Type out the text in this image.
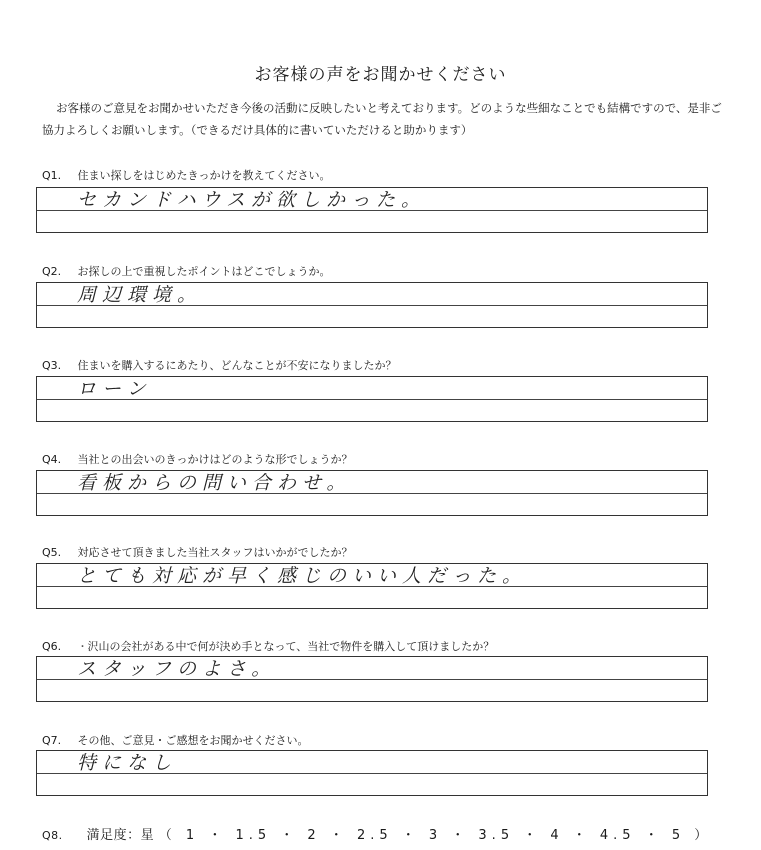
お客様の声をお聞かせください
お客様のご意見をお聞かせいただき今後の活動に反映したいと考えております。どのような些細なことでも結構ですので、是非ご協力よろしくお願いします。（できるだけ具体的に書いていただけると助かります）
Q1. 住まい探しをはじめたきっかけを教えてください。
セカンドハウスが欲しかった。
Q2. お探しの上で重視したポイントはどこでしょうか。
周辺環境。
Q3. 住まいを購入するにあたり、どんなことが不安になりましたか？
ローン
Q4. 当社との出会いのきっかけはどのような形でしょうか？
看板からの問い合わせ。
Q5. 対応させて頂きました当社スタッフはいかがでしたか？
とても対応が早く感じのいい人だった。
Q6. ・沢山の会社がある中で何が決め手となって、当社で物件を購入して頂けましたか？
スタッフのよさ。
Q7. その他、ご意見・ご感想をお聞かせください。
特になし
Q8. 満足度：星 （ 1 ・ 1.5 ・ 2 ・ 2.5 ・ 3 ・ 3.5 ・ 4 ・ 4.5 ・ 5 ）
